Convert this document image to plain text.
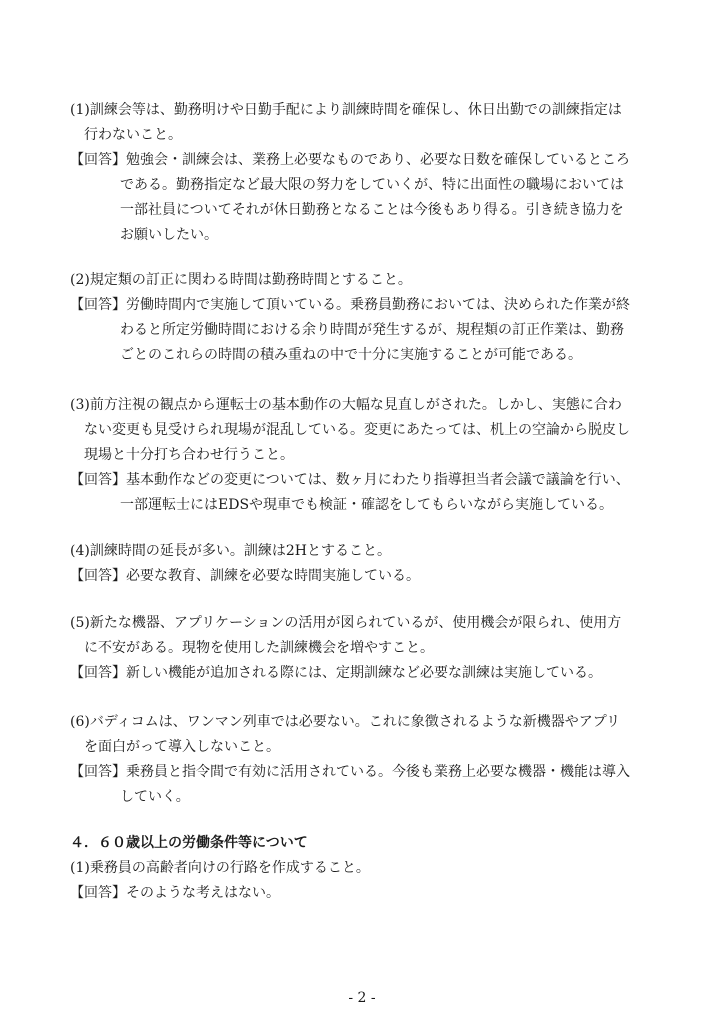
(1)訓練会等は、勤務明けや日勤手配により訓練時間を確保し、休日出勤での訓練指定は

行わないこと。

【回答】勉強会・訓練会は、業務上必要なものであり、必要な日数を確保しているところ

である。勤務指定など最大限の努力をしていくが、特に出面性の職場においては

一部社員についてそれが休日勤務となることは今後もあり得る。引き続き協力を

お願いしたい。

(2)規定類の訂正に関わる時間は勤務時間とすること。

【回答】労働時間内で実施して頂いている。乗務員勤務においては、決められた作業が終

わると所定労働時間における余り時間が発生するが、規程類の訂正作業は、勤務

ごとのこれらの時間の積み重ねの中で十分に実施することが可能である。

(3)前方注視の観点から運転士の基本動作の大幅な見直しがされた。しかし、実態に合わ

ない変更も見受けられ現場が混乱している。変更にあたっては、机上の空論から脱皮し

現場と十分打ち合わせ行うこと。

【回答】基本動作などの変更については、数ヶ月にわたり指導担当者会議で議論を行い、

一部運転士にはEDSや現車でも検証・確認をしてもらいながら実施している。

(4)訓練時間の延長が多い。訓練は2Hとすること。

【回答】必要な教育、訓練を必要な時間実施している。

(5)新たな機器、アプリケーションの活用が図られているが、使用機会が限られ、使用方

に不安がある。現物を使用した訓練機会を増やすこと。

【回答】新しい機能が追加される際には、定期訓練など必要な訓練は実施している。

(6)バディコムは、ワンマン列車では必要ない。これに象徴されるような新機器やアプリ

を面白がって導入しないこと。

【回答】乗務員と指令間で有効に活用されている。今後も業務上必要な機器・機能は導入

していく。

４．６０歳以上の労働条件等について

(1)乗務員の高齢者向けの行路を作成すること。

【回答】そのような考えはない。

- 2 -
